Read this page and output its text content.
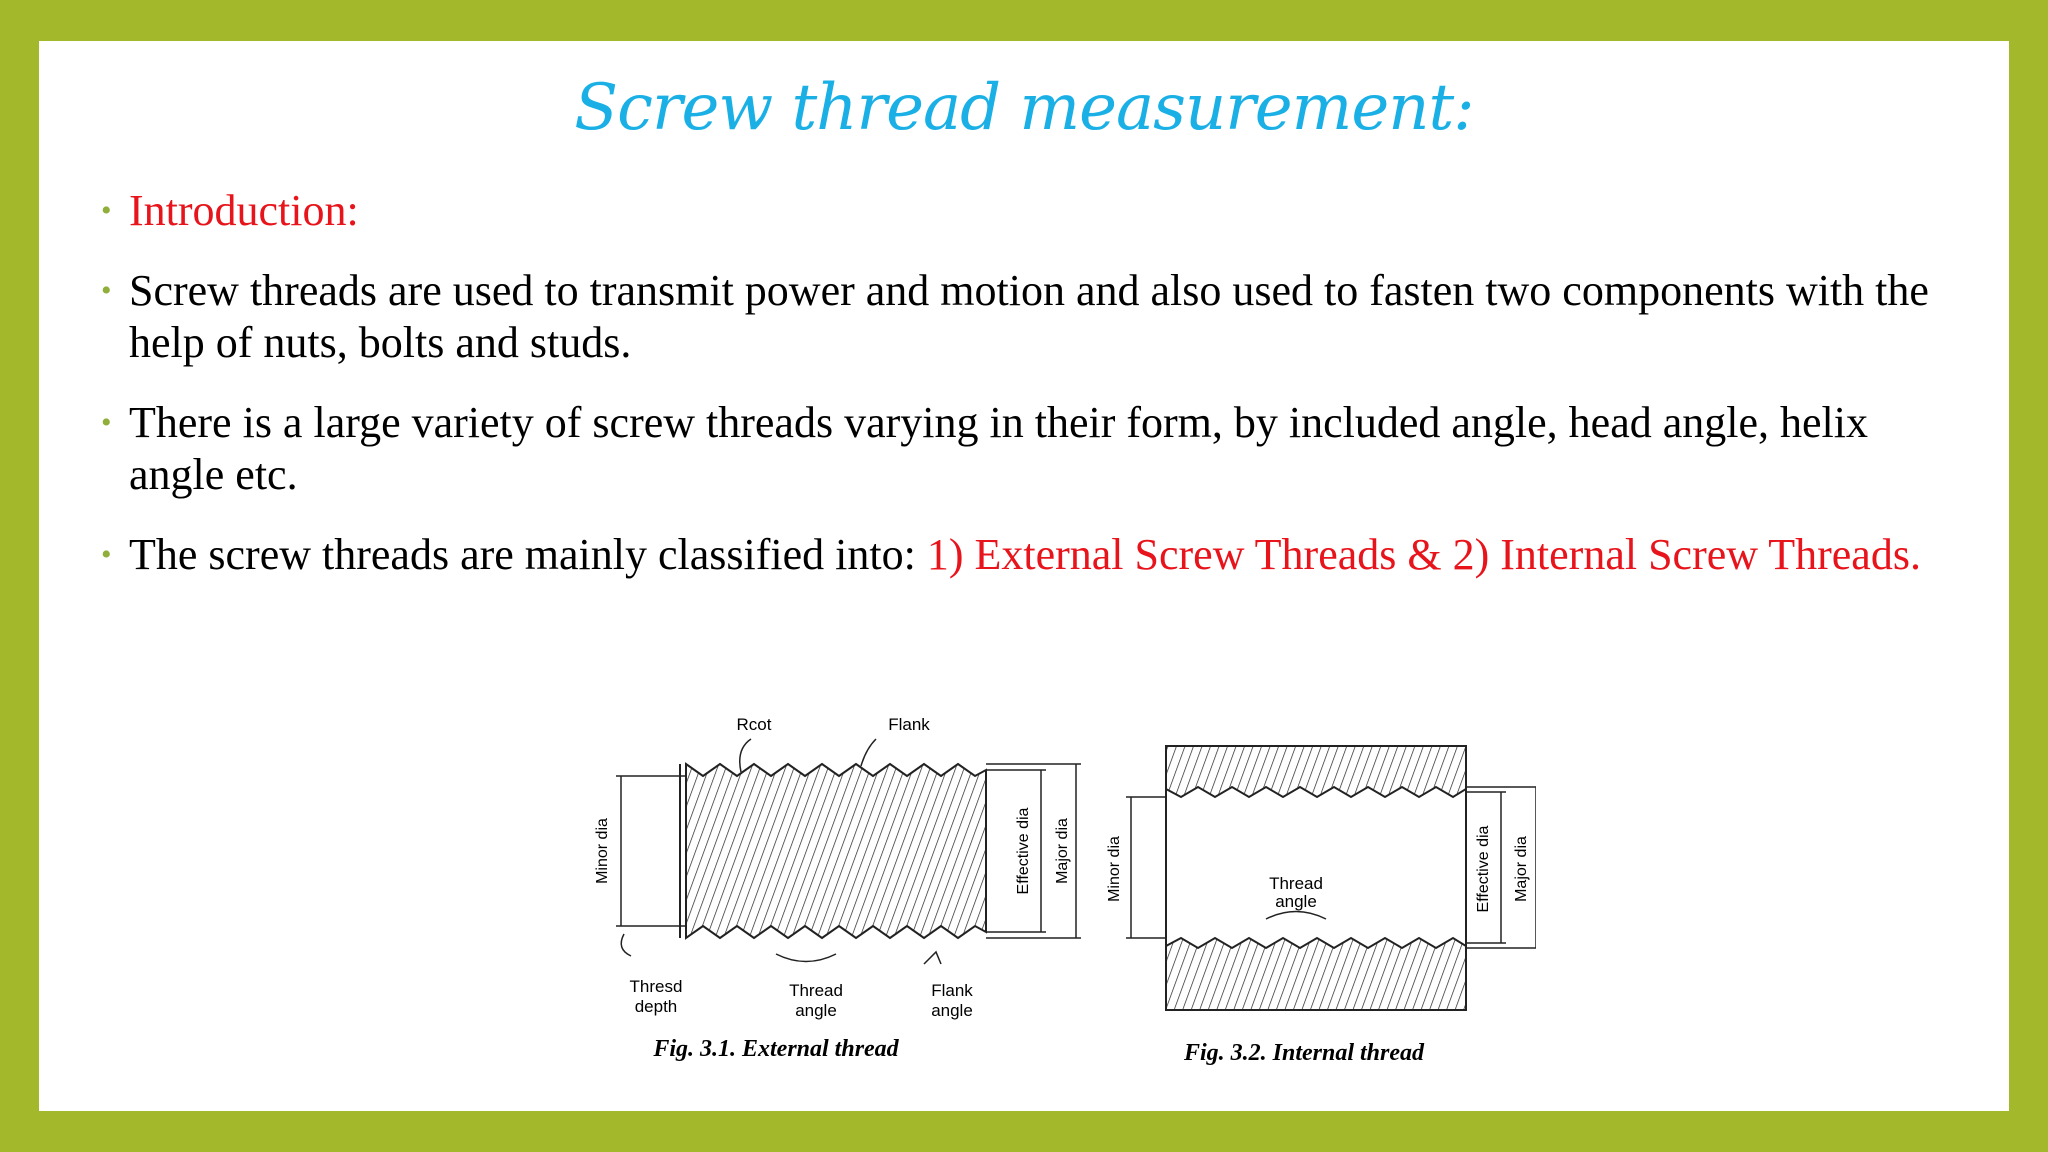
Screw thread measurement:
• Introduction:
• Screw threads are used to transmit power and motion and also used to fasten two components with the help of nuts, bolts and studs.
• There is a large variety of screw threads varying in their form, by included angle, head angle, helix angle etc.
• The screw threads are mainly classified into: 1) External Screw Threads & 2) Internal Screw Threads.
Rcot	Flank
Minor dia	Effective dia Major dia
Thresd
depth
Thread
angle
Flank
angle
Fig. 3.1. External thread
Minor dia	Thread
angle	Effective dia Major dia
Fig. 3.2. Internal thread
